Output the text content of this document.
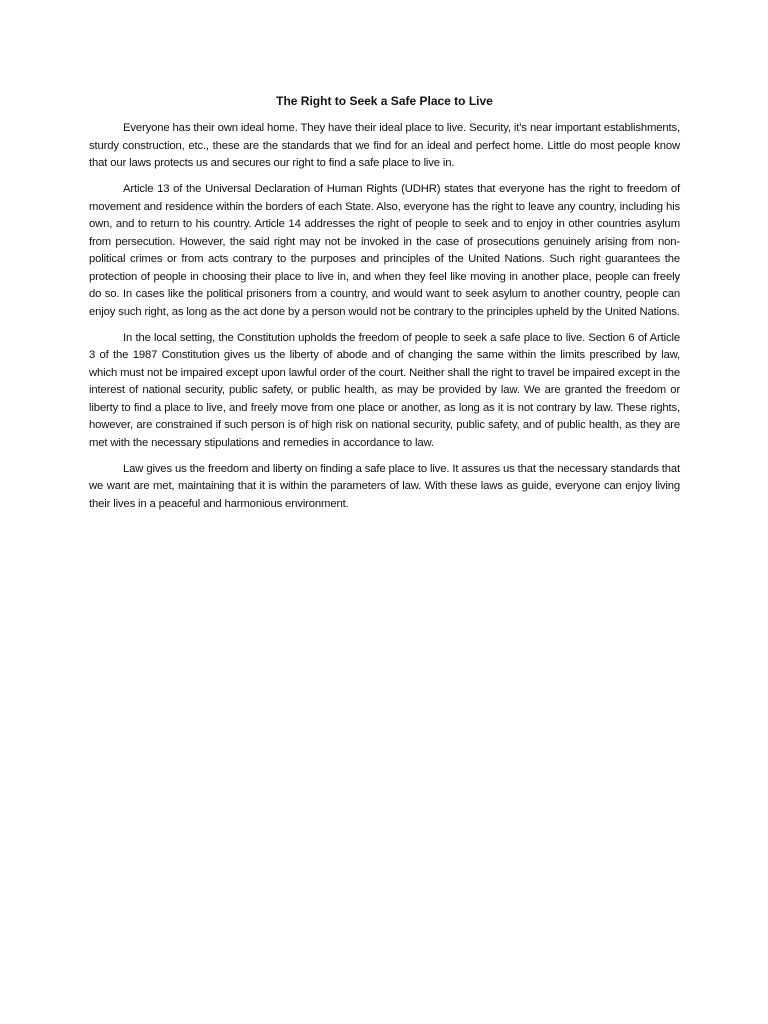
The Right to Seek a Safe Place to Live

Everyone has their own ideal home. They have their ideal place to live. Security, it’s near important establishments, sturdy construction, etc., these are the standards that we find for an ideal and perfect home. Little do most people know that our laws protects us and secures our right to find a safe place to live in.

Article 13 of the Universal Declaration of Human Rights (UDHR) states that everyone has the right to freedom of movement and residence within the borders of each State. Also, everyone has the right to leave any country, including his own, and to return to his country. Article 14 addresses the right of people to seek and to enjoy in other countries asylum from persecution. However, the said right may not be invoked in the case of prosecutions genuinely arising from non-political crimes or from acts contrary to the purposes and principles of the United Nations. Such right guarantees the protection of people in choosing their place to live in, and when they feel like moving in another place, people can freely do so. In cases like the political prisoners from a country, and would want to seek asylum to another country, people can enjoy such right, as long as the act done by a person would not be contrary to the principles upheld by the United Nations.

In the local setting, the Constitution upholds the freedom of people to seek a safe place to live. Section 6 of Article 3 of the 1987 Constitution gives us the liberty of abode and of changing the same within the limits prescribed by law, which must not be impaired except upon lawful order of the court. Neither shall the right to travel be impaired except in the interest of national security, public safety, or public health, as may be provided by law. We are granted the freedom or liberty to find a place to live, and freely move from one place or another, as long as it is not contrary by law. These rights, however, are constrained if such person is of high risk on national security, public safety, and of public health, as they are met with the necessary stipulations and remedies in accordance to law.

Law gives us the freedom and liberty on finding a safe place to live. It assures us that the necessary standards that we want are met, maintaining that it is within the parameters of law. With these laws as guide, everyone can enjoy living their lives in a peaceful and harmonious environment.
